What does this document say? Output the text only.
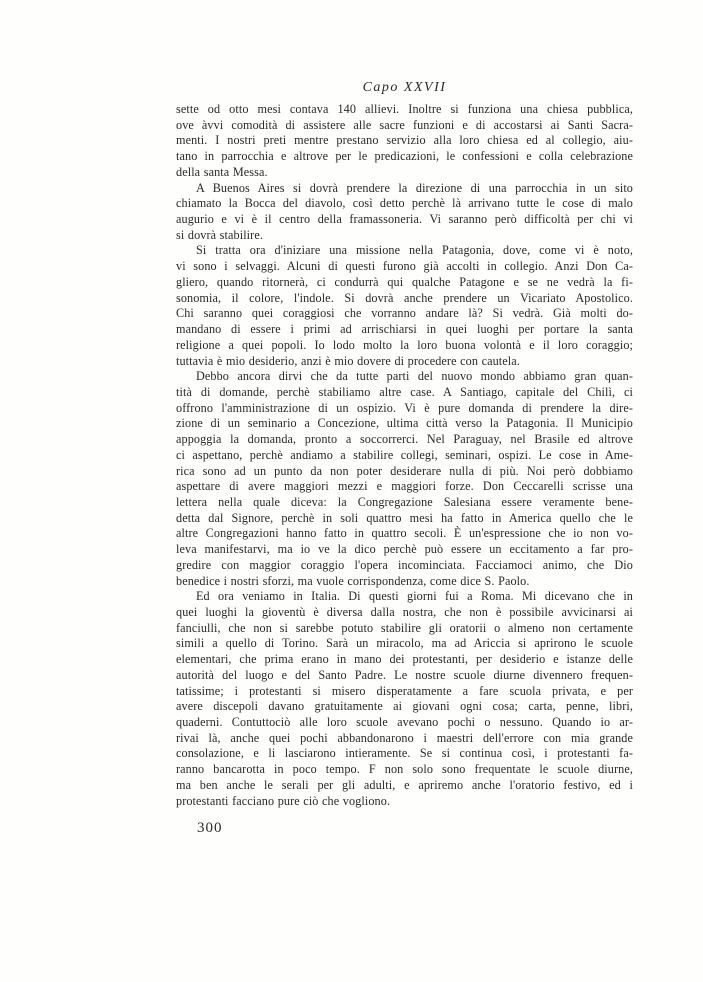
Capo XXVII
sette od otto mesi contava 140 allievi. Inoltre si funziona una chiesa pubblica,
ove àvvi comodità di assistere alle sacre funzioni e di accostarsi ai Santi Sacra-
menti. I nostri preti mentre prestano servizio alla loro chiesa ed al collegio, aiu-
tano in parrocchia e altrove per le predicazioni, le confessioni e colla celebrazione
della santa Messa.
A Buenos Aires si dovrà prendere la direzione di una parrocchia in un sito
chiamato la Bocca del diavolo, così detto perchè là arrivano tutte le cose di malo
augurio e vi è il centro della framassoneria. Vi saranno però difficoltà per chi vi
si dovrà stabilire.
Si tratta ora d'iniziare una missione nella Patagonia, dove, come vi è noto,
vi sono i selvaggi. Alcuni di questi furono già accolti in collegio. Anzi Don Ca-
gliero, quando ritornerà, ci condurrà qui qualche Patagone e se ne vedrà la fi-
sonomia, il colore, l'indole. Si dovrà anche prendere un Vicariato Apostolico.
Chi saranno quei coraggiosi che vorranno andare là? Si vedrà. Già molti do-
mandano di essere i primi ad arrischiarsi in quei luoghi per portare la santa
religione a quei popoli. Io lodo molto la loro buona volontà e il loro coraggio;
tuttavia è mio desiderio, anzi è mio dovere di procedere con cautela.
Debbo ancora dirvi che da tutte parti del nuovo mondo abbiamo gran quan-
tità di domande, perchè stabiliamo altre case. A Santiago, capitale del Chilì, ci
offrono l'amministrazione di un ospizio. Vi è pure domanda di prendere la dire-
zione di un seminario a Concezione, ultima città verso la Patagonia. Il Municipio
appoggia la domanda, pronto a soccorrerci. Nel Paraguay, nel Brasile ed altrove
ci aspettano, perchè andiamo a stabilire collegi, seminari, ospizi. Le cose in Ame-
rica sono ad un punto da non poter desiderare nulla di più. Noi però dobbiamo
aspettare di avere maggiori mezzi e maggiori forze. Don Ceccarelli scrisse una
lettera nella quale diceva: la Congregazione Salesiana essere veramente bene-
detta dal Signore, perchè in soli quattro mesi ha fatto in America quello che le
altre Congregazioni hanno fatto in quattro secoli. È un'espressione che io non vo-
leva manifestarvi, ma io ve la dico perchè può essere un eccitamento a far pro-
gredire con maggior coraggio l'opera incominciata. Facciamoci animo, che Dio
benedice i nostri sforzi, ma vuole corrispondenza, come dice S. Paolo.
Ed ora veniamo in Italia. Di questi giorni fui a Roma. Mi dicevano che in
quei luoghi la gioventù è diversa dalla nostra, che non è possibile avvicinarsi ai
fanciulli, che non si sarebbe potuto stabilire gli oratorii o almeno non certamente
simili a quello di Torino. Sarà un miracolo, ma ad Ariccia si aprirono le scuole
elementari, che prima erano in mano dei protestanti, per desiderio e istanze delle
autorità del luogo e del Santo Padre. Le nostre scuole diurne divennero frequen-
tatissime; i protestanti si misero disperatamente a fare scuola privata, e per
avere discepoli davano gratuitamente ai giovani ogni cosa; carta, penne, libri,
quaderni. Contuttociò alle loro scuole avevano pochi o nessuno. Quando io ar-
rivai là, anche quei pochi abbandonarono i maestri dell'errore con mia grande
consolazione, e li lasciarono intieramente. Se si continua così, i protestanti fa-
ranno bancarotta in poco tempo. F non solo sono frequentate le scuole diurne,
ma ben anche le serali per gli adulti, e apriremo anche l'oratorio festivo, ed i
protestanti facciano pure ciò che vogliono.
300
